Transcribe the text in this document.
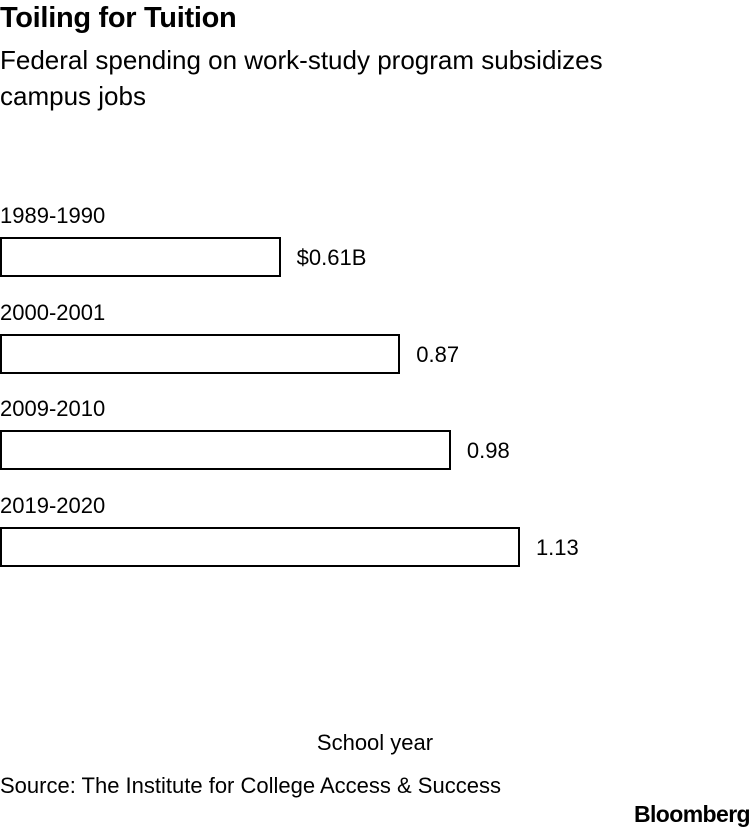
Toiling for Tuition
Federal spending on work-study program subsidizes campus jobs
1989-1990
$0.61B
2000-2001
0.87
2009-2010
0.98
2019-2020
1.13
School year
Source: The Institute for College Access & Success
Bloomberg
